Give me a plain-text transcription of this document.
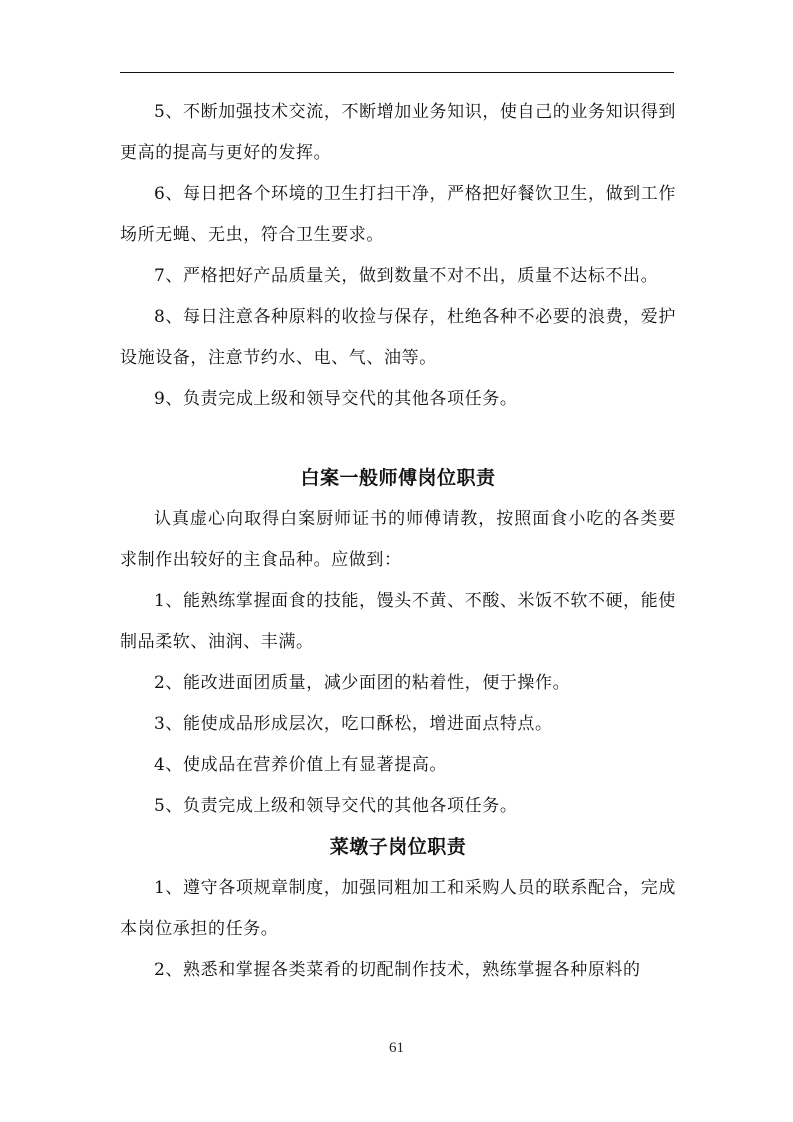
5、不断加强技术交流，不断增加业务知识，使自己的业务知识得到更高的提高与更好的发挥。

6、每日把各个环境的卫生打扫干净，严格把好餐饮卫生，做到工作场所无蝇、无虫，符合卫生要求。

7、严格把好产品质量关，做到数量不对不出，质量不达标不出。

8、每日注意各种原料的收捡与保存，杜绝各种不必要的浪费，爱护设施设备，注意节约水、电、气、油等。

9、负责完成上级和领导交代的其他各项任务。

白案一般师傅岗位职责

认真虚心向取得白案厨师证书的师傅请教，按照面食小吃的各类要求制作出较好的主食品种。应做到：

1、能熟练掌握面食的技能，馒头不黄、不酸、米饭不软不硬，能使制品柔软、油润、丰满。

2、能改进面团质量，减少面团的粘着性，便于操作。

3、能使成品形成层次，吃口酥松，增进面点特点。

4、使成品在营养价值上有显著提高。

5、负责完成上级和领导交代的其他各项任务。

菜墩子岗位职责

1、遵守各项规章制度，加强同粗加工和采购人员的联系配合，完成本岗位承担的任务。

2、熟悉和掌握各类菜肴的切配制作技术，熟练掌握各种原料的

61
